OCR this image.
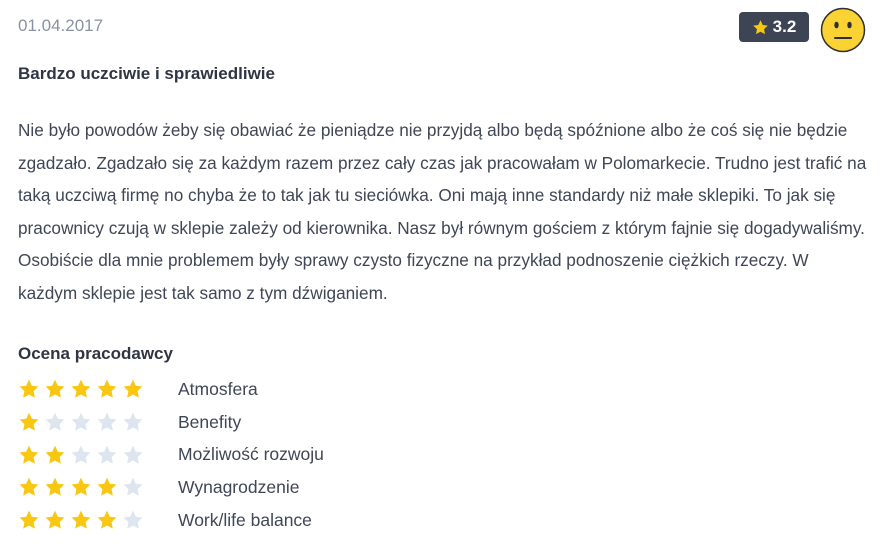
01.04.2017	3.2
Bardzo uczciwie i sprawiedliwie
Nie było powodów żeby się obawiać że pieniądze nie przyjdą albo będą spóźnione albo że coś się nie będzie zgadzało. Zgadzało się za każdym razem przez cały czas jak pracowałam w Polomarkecie. Trudno jest trafić na taką uczciwą firmę no chyba że to tak jak tu sieciówka. Oni mają inne standardy niż małe sklepiki. To jak się pracownicy czują w sklepie zależy od kierownika. Nasz był równym gościem z którym fajnie się dogadywaliśmy. Osobiście dla mnie problemem były sprawy czysto fizyczne na przykład podnoszenie ciężkich rzeczy. W każdym sklepie jest tak samo z tym dźwiganiem.
Ocena pracodawcy
Atmosfera
Benefity
Możliwość rozwoju
Wynagrodzenie
Work/life balance
